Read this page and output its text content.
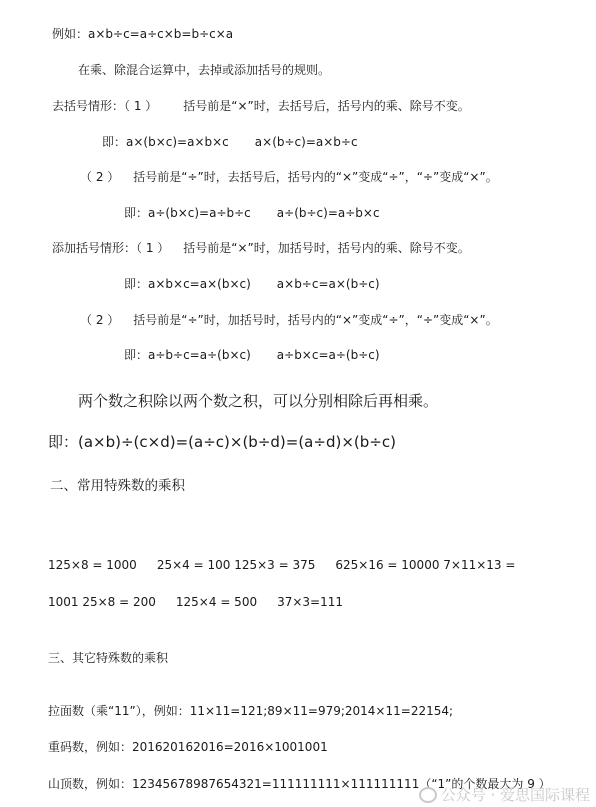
例如：a×b÷c=a÷c×b=b÷c×a
在乘、除混合运算中，去掉或添加括号的规则。
去括号情形：（ 1 ） 括号前是“×”时，去括号后，括号内的乘、除号不变。
即：a×(b×c)=a×b×c a×(b÷c)=a×b÷c
（ 2 ） 括号前是“÷”时，去括号后，括号内的“×”变成“÷”，“÷”变成“×”。
即：a÷(b×c)=a÷b÷c a÷(b÷c)=a÷b×c
添加括号情形：（ 1 ） 括号前是“×”时，加括号时，括号内的乘、除号不变。
即：a×b×c=a×(b×c) a×b÷c=a×(b÷c)
（ 2 ） 括号前是“÷”时，加括号时，括号内的“×”变成“÷”，“÷”变成“×”。
即：a÷b÷c=a÷(b×c) a÷b×c=a÷(b÷c)
两个数之积除以两个数之积，可以分别相除后再相乘。
即：(a×b)÷(c×d)=(a÷c)×(b÷d)=(a÷d)×(b÷c)
二、常用特殊数的乘积
125×8 = 1000 25×4 = 100 125×3 = 375 625×16 = 10000 7×11×13 =
1001 25×8 = 200 125×4 = 500 37×3=111
三、其它特殊数的乘积
拉面数（乘“11”），例如：11×11=121;89×11=979;2014×11=22154;
重码数，例如：201620162016=2016×1001001
山顶数，例如：12345678987654321=111111111×111111111（“1”的个数最大为 9 ）
公众号 · 爱思国际课程
